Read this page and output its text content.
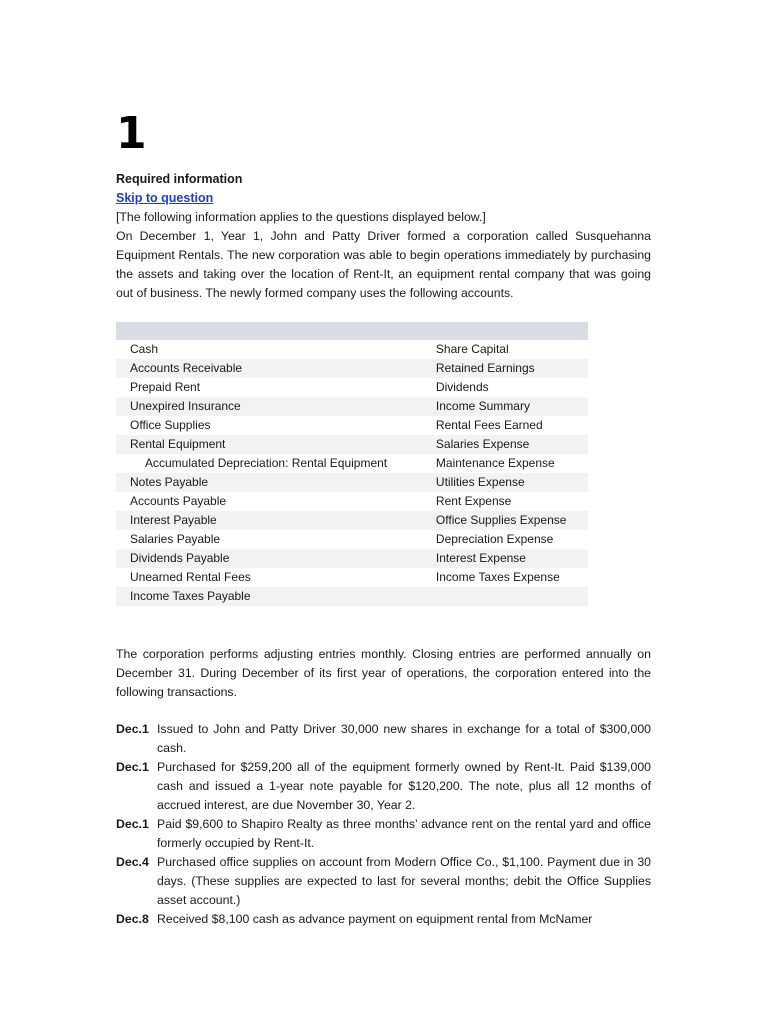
1
Required information
Skip to question

[The following information applies to the questions displayed below.]

On December 1, Year 1, John and Patty Driver formed a corporation called Susquehanna Equipment Rentals. The new corporation was able to begin operations immediately by purchasing the assets and taking over the location of Rent-It, an equipment rental company that was going out of business. The newly formed company uses the following accounts.

Cash	Share Capital
Accounts Receivable	Retained Earnings
Prepaid Rent	Dividends
Unexpired Insurance	Income Summary
Office Supplies	Rental Fees Earned
Rental Equipment	Salaries Expense
Accumulated Depreciation: Rental Equipment	Maintenance Expense
Notes Payable	Utilities Expense
Accounts Payable	Rent Expense
Interest Payable	Office Supplies Expense
Salaries Payable	Depreciation Expense
Dividends Payable	Interest Expense
Unearned Rental Fees	Income Taxes Expense
Income Taxes Payable	

The corporation performs adjusting entries monthly. Closing entries are performed annually on December 31. During December of its first year of operations, the corporation entered into the following transactions.

Dec.1 Issued to John and Patty Driver 30,000 new shares in exchange for a total of $300,000 cash.
Dec.1 Purchased for $259,200 all of the equipment formerly owned by Rent-It. Paid $139,000 cash and issued a 1-year note payable for $120,200. The note, plus all 12 months of accrued interest, are due November 30, Year 2.
Dec.1 Paid $9,600 to Shapiro Realty as three months’ advance rent on the rental yard and office formerly occupied by Rent-It.
Dec.4 Purchased office supplies on account from Modern Office Co., $1,100. Payment due in 30 days. (These supplies are expected to last for several months; debit the Office Supplies asset account.)
Dec.8 Received $8,100 cash as advance payment on equipment rental from McNamer
